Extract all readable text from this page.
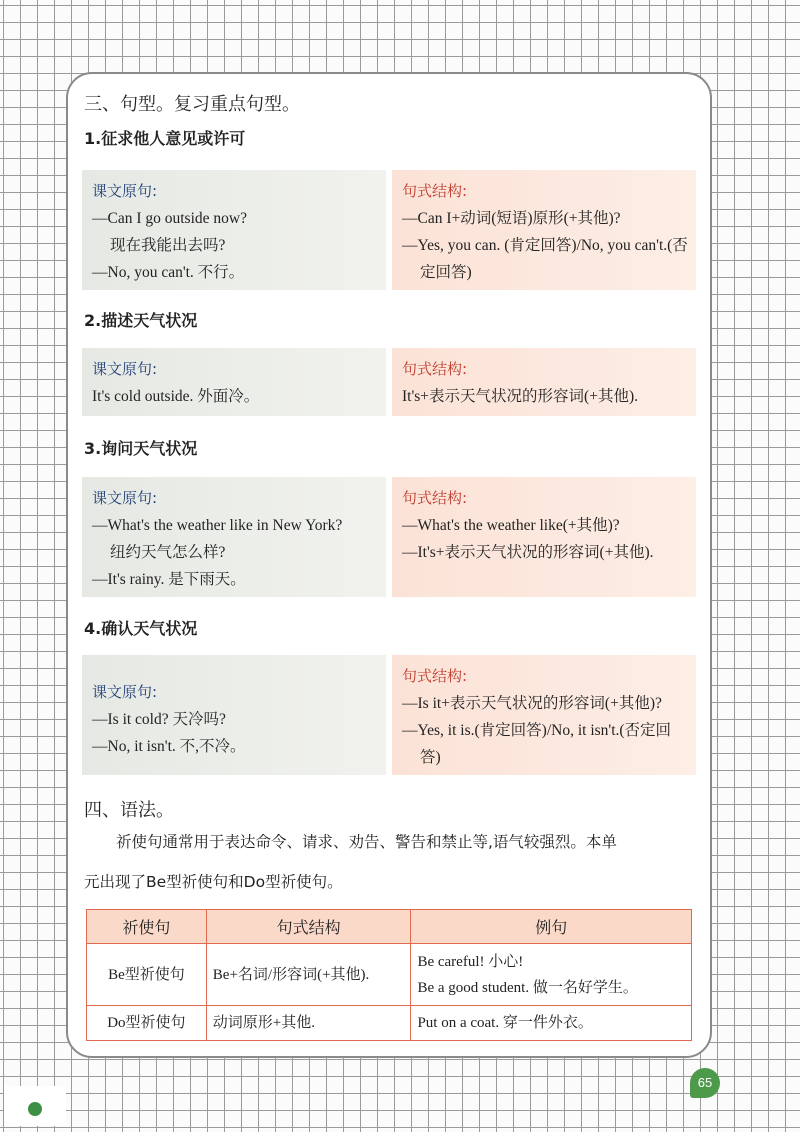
三、句型。复习重点句型。
1.征求他人意见或许可
课文原句:
—Can I go outside now?
现在我能出去吗?
—No, you can't. 不行。
句式结构:
—Can I+动词(短语)原形(+其他)?
—Yes, you can. (肯定回答)/No, you can't.(否定回答)
2.描述天气状况
课文原句:
It's cold outside. 外面冷。
句式结构:
It's+表示天气状况的形容词(+其他).
3.询问天气状况
课文原句:
—What's the weather like in New York?
纽约天气怎么样?
—It's rainy. 是下雨天。
句式结构:
—What's the weather like(+其他)?
—It's+表示天气状况的形容词(+其他).
4.确认天气状况
课文原句:
—Is it cold? 天冷吗?
—No, it isn't. 不,不冷。
句式结构:
—Is it+表示天气状况的形容词(+其他)?
—Yes, it is.(肯定回答)/No, it isn't.(否定回答)
四、语法。
祈使句通常用于表达命令、请求、劝告、警告和禁止等,语气较强烈。本单
元出现了Be型祈使句和Do型祈使句。
祈使句	句式结构	例句
Be型祈使句	Be+名词/形容词(+其他).	Be careful! 小心!
Be a good student. 做一名好学生。

Do型祈使句	动词原形+其他.	Put on a coat. 穿一件外衣。
65
